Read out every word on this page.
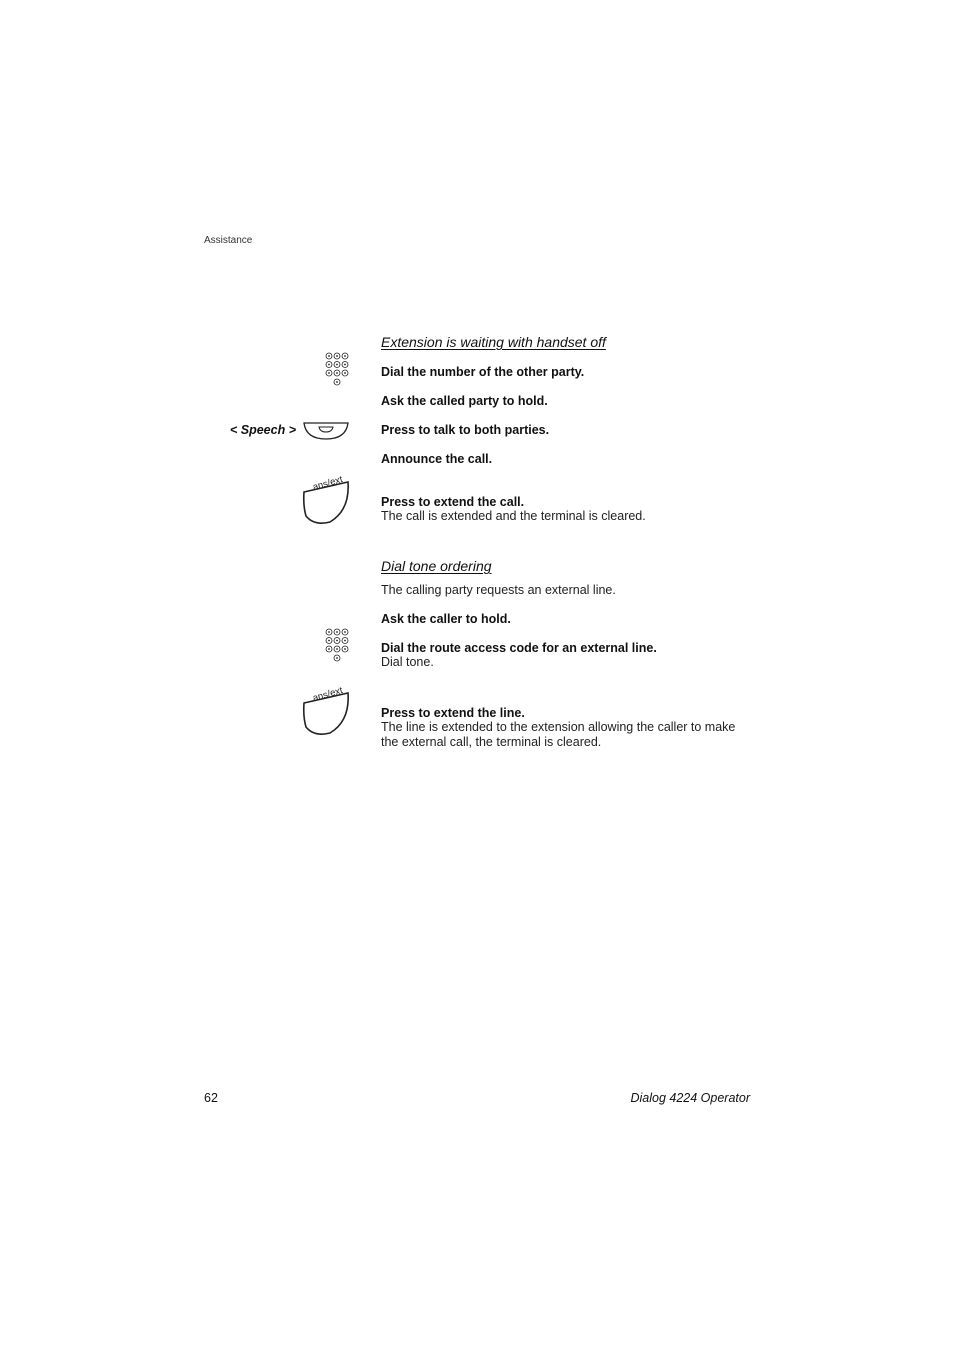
Assistance
Extension is waiting with handset off
Dial the number of the other party.
Ask the called party to hold.
< Speech >	Press to talk to both parties.
Announce the call.
ans/ext
Press to extend the call.
The call is extended and the terminal is cleared.
Dial tone ordering
The calling party requests an external line.
Ask the caller to hold.
Dial the route access code for an external line.
Dial tone.
ans/ext
Press to extend the line.
The line is extended to the extension allowing the caller to make the external call, the terminal is cleared.
62	Dialog 4224 Operator
